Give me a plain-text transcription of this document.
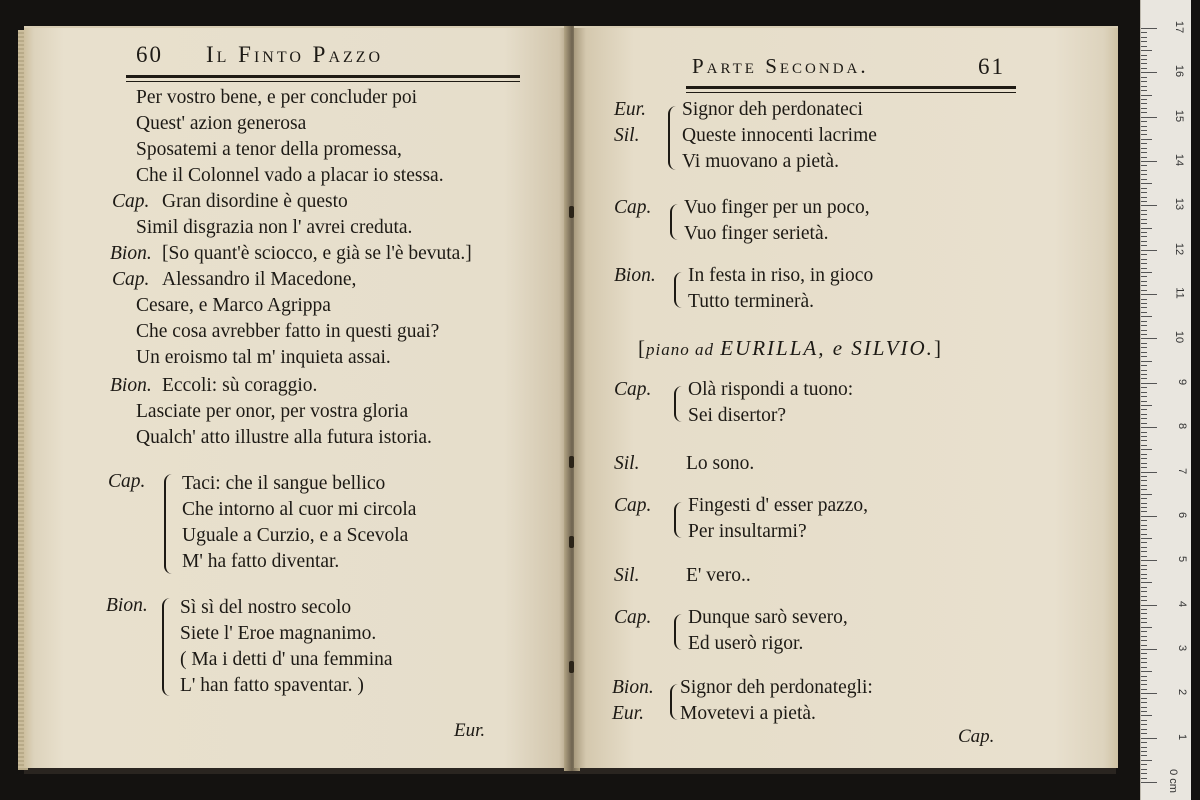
60 Il Finto Pazzo
Per vostro bene, e per concluder poi
Quest' azion generosa
Sposatemi a tenor della promessa,
Che il Colonnel vado a placar io stessa.
Cap. Gran disordine è questo
Simil disgrazia non l' avrei creduta.
Bion. [So quant'è sciocco, e già se l'è bevuta.]
Cap. Alessandro il Macedone,
Cesare, e Marco Agrippa
Che cosa avrebber fatto in questi guai?
Un eroismo tal m' inquieta assai.
Bion. Eccoli: sù coraggio.
Lasciate per onor, per vostra gloria
Qualch' atto illustre alla futura istoria.
Cap. Taci: che il sangue bellico
Che intorno al cuor mi circola
Uguale a Curzio, e a Scevola
M' ha fatto diventar.
Bion. Sì sì del nostro secolo
Siete l' Eroe magnanimo.
( Ma i detti d' una femmina
L' han fatto spaventar. )
Eur.
Parte Seconda.	61
Eur.
Sil.
Signor deh perdonateci
Queste innocenti lacrime
Vi muovano a pietà.
Cap. Vuo finger per un poco,
Vuo finger serietà.
Bion. In festa in riso, in gioco
Tutto terminerà.
[piano ad EURILLA, e SILVIO.]
Cap. Olà rispondi a tuono:
Sei disertor?
Sil. Lo sono.
Cap. Fingesti d' esser pazzo,
Per insultarmi?
Sil. E' vero..
Cap. Dunque sarò severo,
Ed userò rigor.
Bion.
Eur.
Signor deh perdonategli:
Movetevi a pietà.
Cap.
17
16
15
14
13
12
11
10
9
8
7
6
5
4
3
2
1
0 cm
